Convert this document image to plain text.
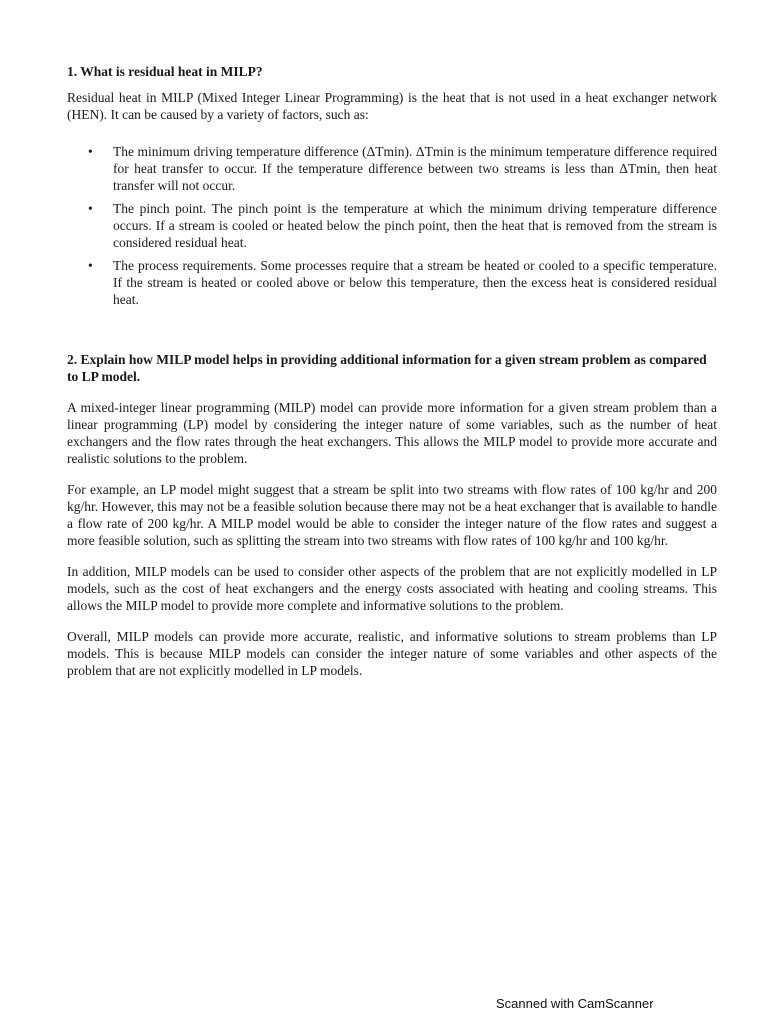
1. What is residual heat in MILP?

Residual heat in MILP (Mixed Integer Linear Programming) is the heat that is not used in a heat exchanger network (HEN). It can be caused by a variety of factors, such as:

• The minimum driving temperature difference (ΔTmin). ΔTmin is the minimum temperature difference required for heat transfer to occur. If the temperature difference between two streams is less than ΔTmin, then heat transfer will not occur.
• The pinch point. The pinch point is the temperature at which the minimum driving temperature difference occurs. If a stream is cooled or heated below the pinch point, then the heat that is removed from the stream is considered residual heat.
• The process requirements. Some processes require that a stream be heated or cooled to a specific temperature. If the stream is heated or cooled above or below this temperature, then the excess heat is considered residual heat.
2. Explain how MILP model helps in providing additional information for a given stream problem as compared to LP model.

A mixed-integer linear programming (MILP) model can provide more information for a given stream problem than a linear programming (LP) model by considering the integer nature of some variables, such as the number of heat exchangers and the flow rates through the heat exchangers. This allows the MILP model to provide more accurate and realistic solutions to the problem.

For example, an LP model might suggest that a stream be split into two streams with flow rates of 100 kg/hr and 200 kg/hr. However, this may not be a feasible solution because there may not be a heat exchanger that is available to handle a flow rate of 200 kg/hr. A MILP model would be able to consider the integer nature of the flow rates and suggest a more feasible solution, such as splitting the stream into two streams with flow rates of 100 kg/hr and 100 kg/hr.

In addition, MILP models can be used to consider other aspects of the problem that are not explicitly modelled in LP models, such as the cost of heat exchangers and the energy costs associated with heating and cooling streams. This allows the MILP model to provide more complete and informative solutions to the problem.

Overall, MILP models can provide more accurate, realistic, and informative solutions to stream problems than LP models. This is because MILP models can consider the integer nature of some variables and other aspects of the problem that are not explicitly modelled in LP models.

Scanned with CamScanner
